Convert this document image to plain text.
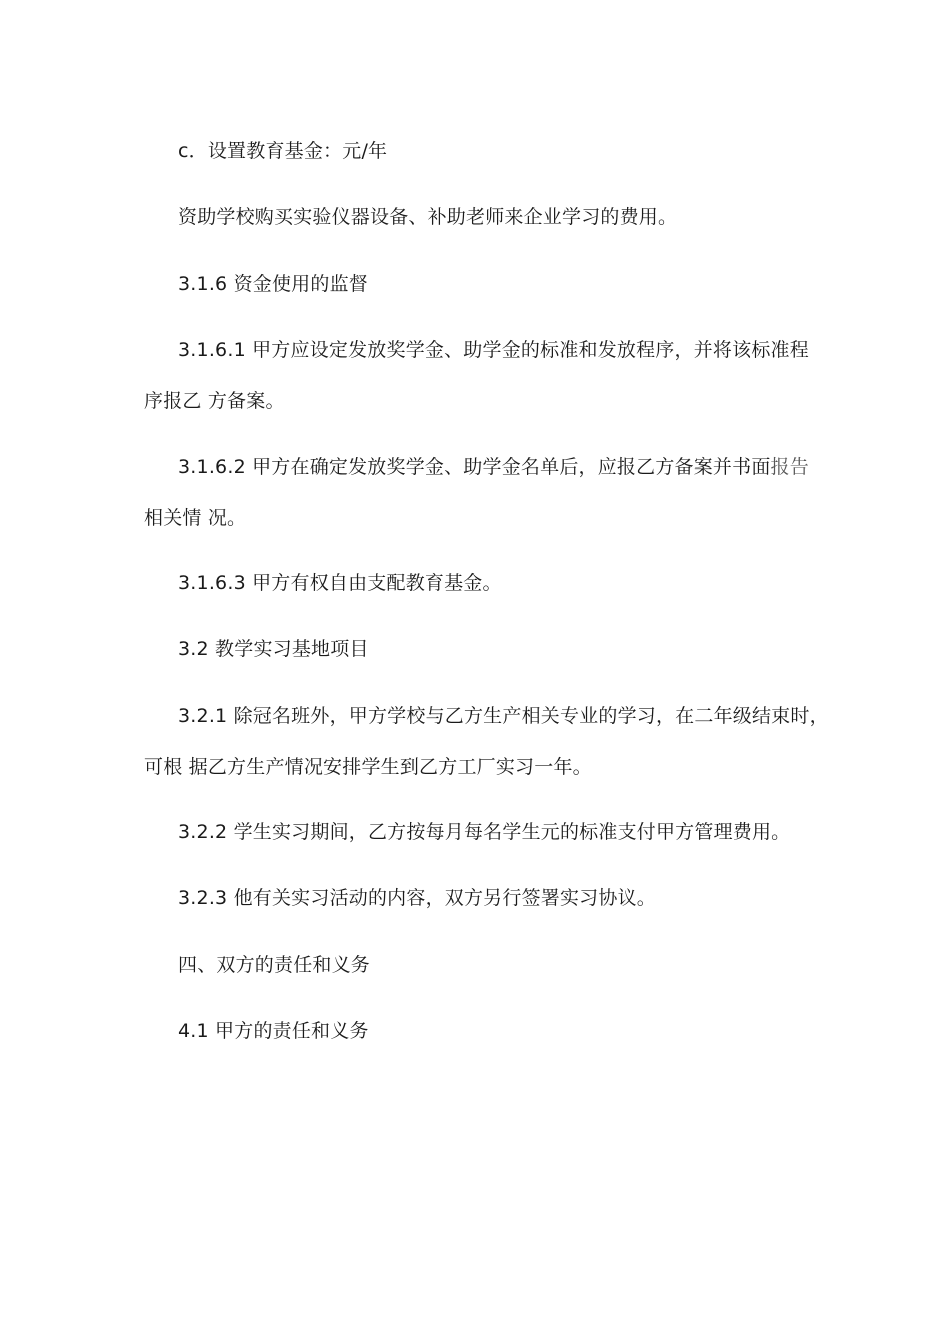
c．设置教育基金：元/年
资助学校购买实验仪器设备、补助老师来企业学习的费用。
3.1.6 资金使用的监督
3.1.6.1 甲方应设定发放奖学金、助学金的标准和发放程序，并将该标准程
序报乙 方备案。
3.1.6.2 甲方在确定发放奖学金、助学金名单后，应报乙方备案并书面报告
相关情 况。
3.1.6.3 甲方有权自由支配教育基金。
3.2 教学实习基地项目
3.2.1 除冠名班外，甲方学校与乙方生产相关专业的学习，在二年级结束时，
可根 据乙方生产情况安排学生到乙方工厂实习一年。
3.2.2 学生实习期间，乙方按每月每名学生元的标准支付甲方管理费用。
3.2.3 他有关实习活动的内容，双方另行签署实习协议。
四、双方的责任和义务
4.1 甲方的责任和义务
